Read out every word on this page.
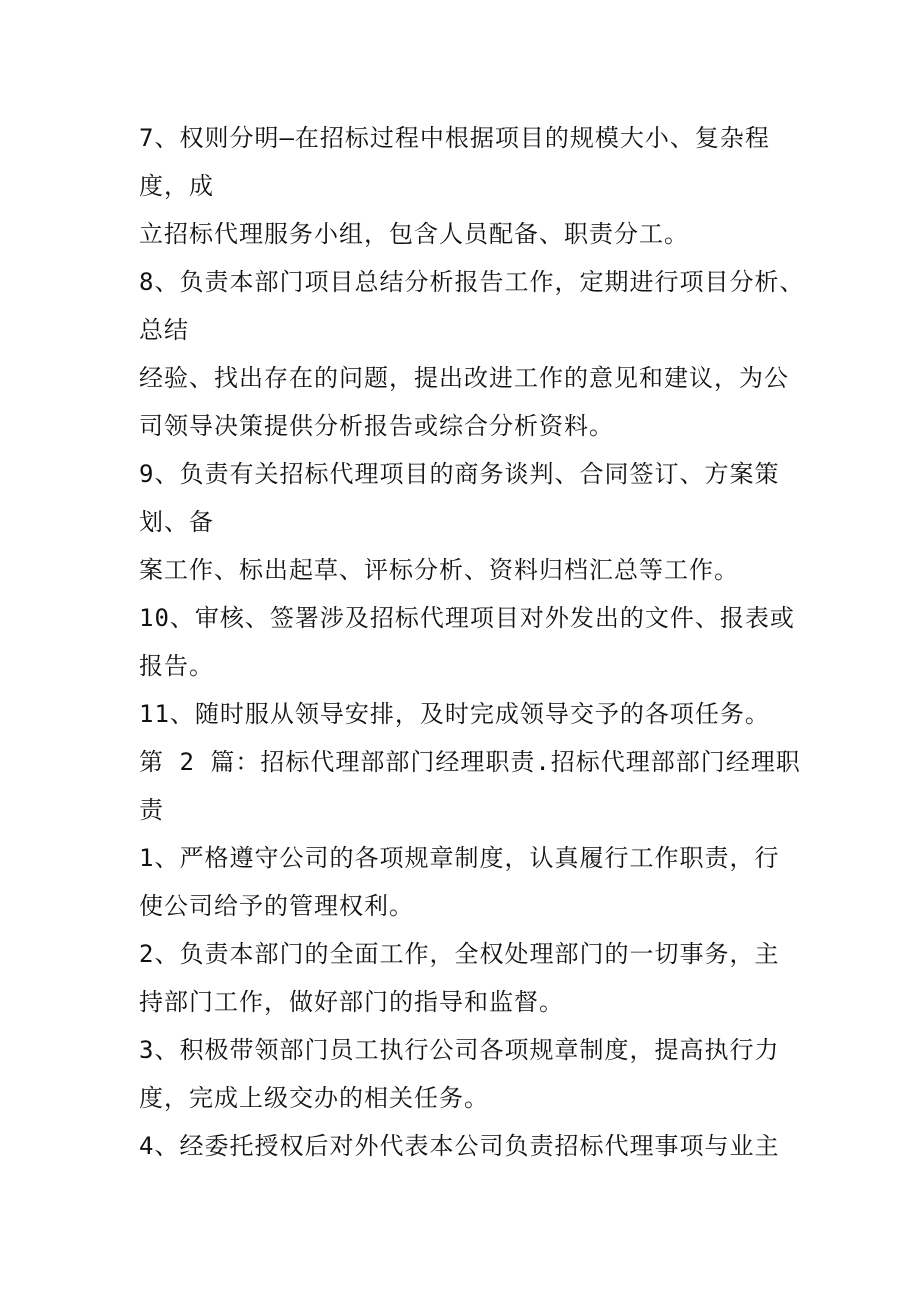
7、权则分明—在招标过程中根据项目的规模大小、复杂程
度，成
立招标代理服务小组，包含人员配备、职责分工。
8、负责本部门项目总结分析报告工作，定期进行项目分析、
总结
经验、找出存在的问题，提出改进工作的意见和建议，为公
司领导决策提供分析报告或综合分析资料。
9、负责有关招标代理项目的商务谈判、合同签订、方案策
划、备
案工作、标出起草、评标分析、资料归档汇总等工作。
10、审核、签署涉及招标代理项目对外发出的文件、报表或
报告。
11、随时服从领导安排，及时完成领导交予的各项任务。
第 2 篇：招标代理部部门经理职责.招标代理部部门经理职
责
1、严格遵守公司的各项规章制度，认真履行工作职责，行
使公司给予的管理权利。
2、负责本部门的全面工作，全权处理部门的一切事务，主
持部门工作，做好部门的指导和监督。
3、积极带领部门员工执行公司各项规章制度，提高执行力
度，完成上级交办的相关任务。
4、经委托授权后对外代表本公司负责招标代理事项与业主
